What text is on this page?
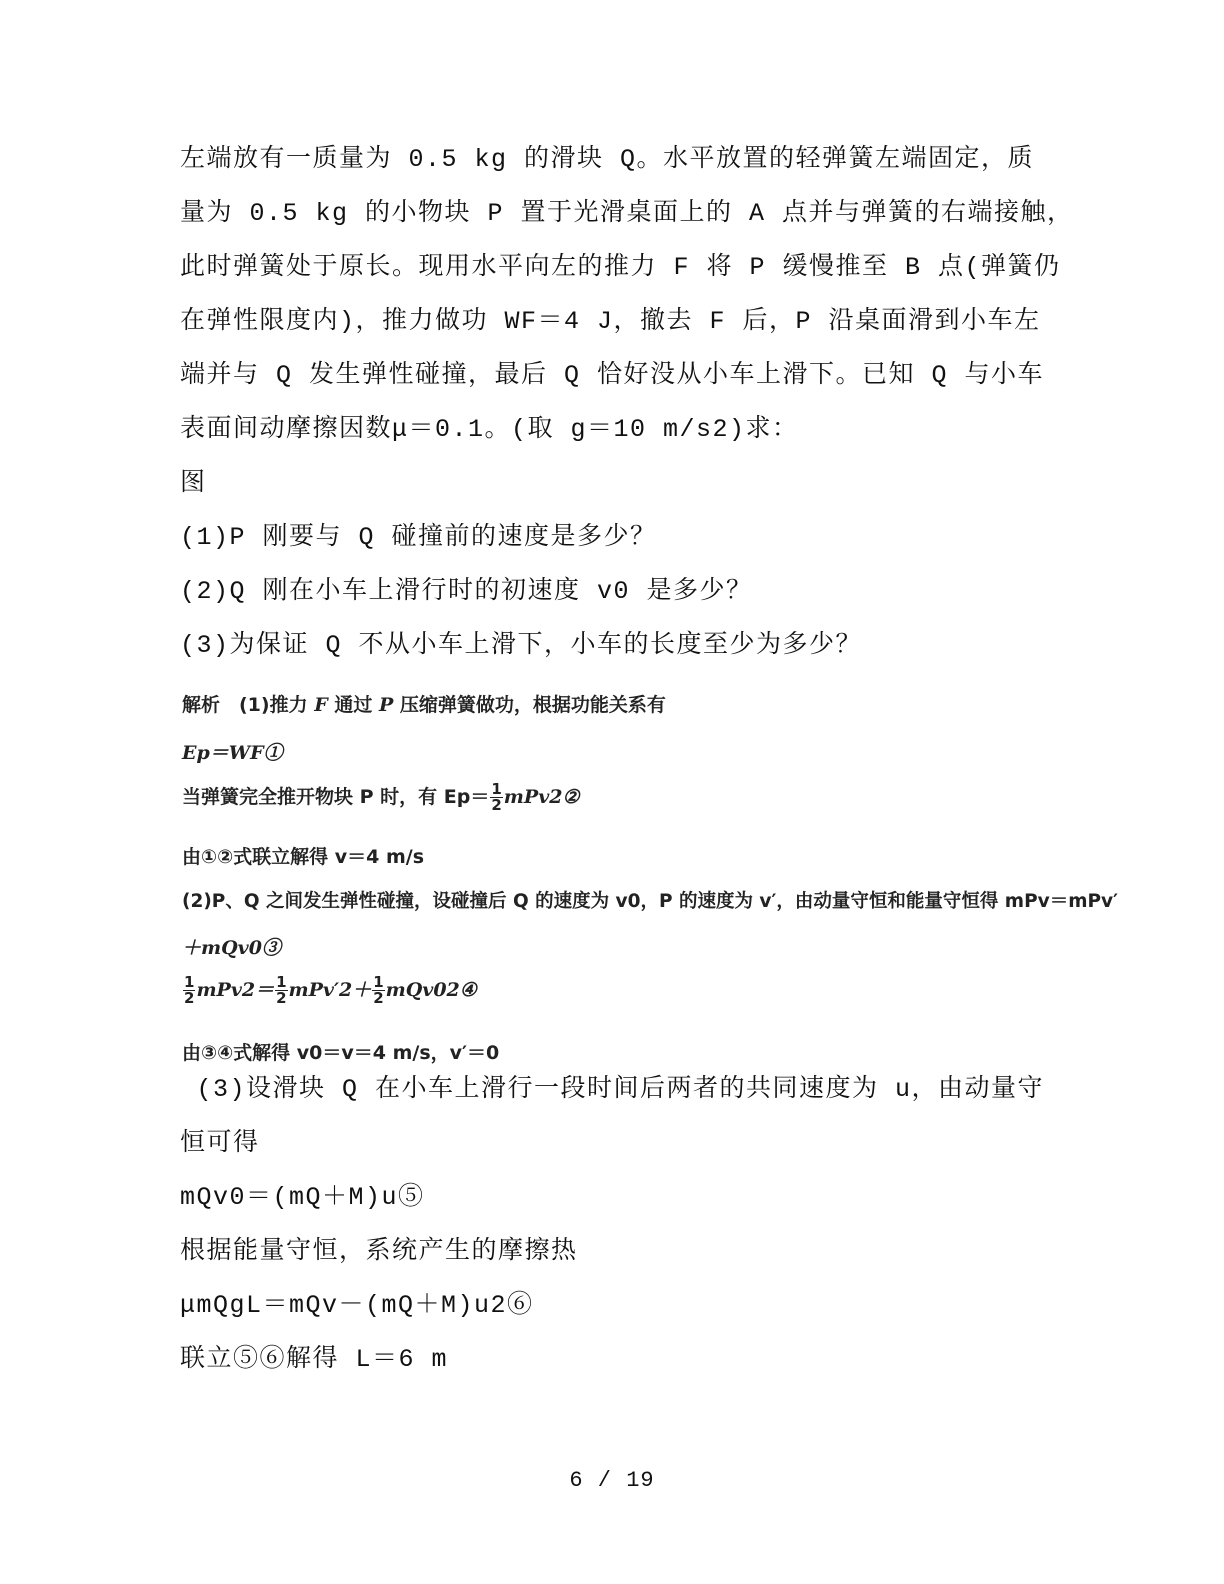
左端放有一质量为 0.5 kg 的滑块 Q。水平放置的轻弹簧左端固定，质
量为 0.5 kg 的小物块 P 置于光滑桌面上的 A 点并与弹簧的右端接触，
此时弹簧处于原长。现用水平向左的推力 F 将 P 缓慢推至 B 点(弹簧仍
在弹性限度内)，推力做功 WF＝4 J，撤去 F 后，P 沿桌面滑到小车左
端并与 Q 发生弹性碰撞，最后 Q 恰好没从小车上滑下。已知 Q 与小车
表面间动摩擦因数μ＝0.1。(取 g＝10 m/s2)求：
图
(1)P 刚要与 Q 碰撞前的速度是多少？
(2)Q 刚在小车上滑行时的初速度 v0 是多少？
(3)为保证 Q 不从小车上滑下，小车的长度至少为多少？
解析　(1)推力 F 通过 P 压缩弹簧做功，根据功能关系有
Ep＝WF①
当弹簧完全推开物块 P 时，有 $Ep= \frac{1}{2}$ mPv2②
由①②式联立解得 v＝4 m/s
(2)P、Q 之间发生弹性碰撞，设碰撞后 Q 的速度为 v0，P 的速度为 v′，由动量守恒和能量守恒得 mPv＝mPv′
＋mQv0③
$\frac{1}{2} mPv2= \frac{1}{2} mPv'2+ \frac{1}{2}$ mQv02④
由③④式解得 v0＝v＝4 m/s，v′＝0
(3)设滑块 Q 在小车上滑行一段时间后两者的共同速度为 u，由动量守
恒可得
mQv0＝(mQ＋M)u⑤
根据能量守恒，系统产生的摩擦热
μmQgL＝mQv－(mQ＋M)u2⑥
联立⑤⑥解得 L＝6 m
6 / 19
